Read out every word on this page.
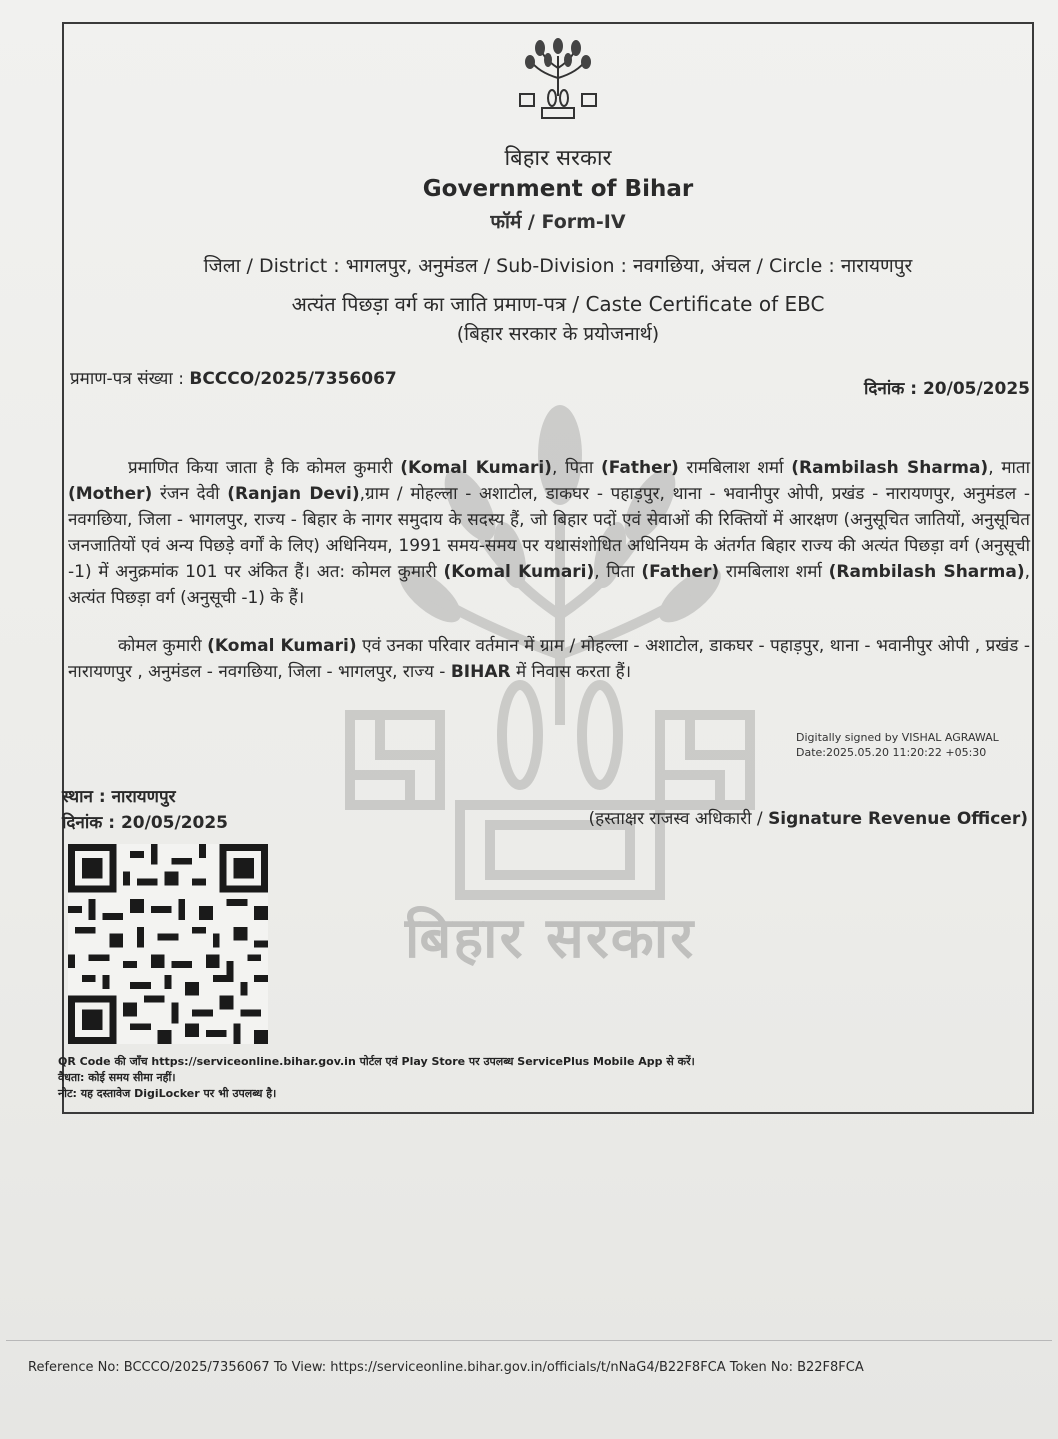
बिहार सरकार
बिहार सरकार
Government of Bihar
फॉर्म / Form-IV
जिला / District : भागलपुर, अनुमंडल / Sub-Division : नवगछिया, अंचल / Circle : नारायणपुर
अत्यंत पिछड़ा वर्ग का जाति प्रमाण-पत्र / Caste Certificate of EBC
(बिहार सरकार के प्रयोजनार्थ)
प्रमाण-पत्र संख्या : BCCCO/2025/7356067	दिनांक : 20/05/2025
प्रमाणित किया जाता है कि कोमल कुमारी (Komal Kumari), पिता (Father) रामबिलाश शर्मा (Rambilash Sharma), माता (Mother) रंजन देवी (Ranjan Devi),ग्राम / मोहल्ला - अशाटोल, डाकघर - पहाड़पुर, थाना - भवानीपुर ओपी, प्रखंड - नारायणपुर, अनुमंडल - नवगछिया, जिला - भागलपुर, राज्य - बिहार के नागर समुदाय के सदस्य हैं, जो बिहार पदों एवं सेवाओं की रिक्तियों में आरक्षण (अनुसूचित जातियों, अनुसूचित जनजातियों एवं अन्य पिछड़े वर्गों के लिए) अधिनियम, 1991 समय-समय पर यथासंशोधित अधिनियम के अंतर्गत बिहार राज्य की अत्यंत पिछड़ा वर्ग (अनुसूची -1) में अनुक्रमांक 101 पर अंकित हैं। अत: कोमल कुमारी (Komal Kumari), पिता (Father) रामबिलाश शर्मा (Rambilash Sharma), अत्यंत पिछड़ा वर्ग (अनुसूची -1) के हैं।
कोमल कुमारी (Komal Kumari) एवं उनका परिवार वर्तमान में ग्राम / मोहल्ला - अशाटोल, डाकघर - पहाड़पुर, थाना - भवानीपुर ओपी , प्रखंड - नारायणपुर , अनुमंडल - नवगछिया, जिला - भागलपुर, राज्य - BIHAR में निवास करता हैं।
Digitally signed by VISHAL AGRAWAL
Date:2025.05.20 11:20:22 +05:30
स्थान : नारायणपुर
दिनांक : 20/05/2025	(हस्ताक्षर राजस्व अधिकारी / Signature Revenue Officer)
QR Code की जाँच https://serviceonline.bihar.gov.in पोर्टल एवं Play Store पर उपलब्ध ServicePlus Mobile App से करें।
वैधता: कोई समय सीमा नहीं।
नोट: यह दस्तावेज DigiLocker पर भी उपलब्ध है।
Reference No: BCCCO/2025/7356067 To View: https://serviceonline.bihar.gov.in/officials/t/nNaG4/B22F8FCA Token No: B22F8FCA
